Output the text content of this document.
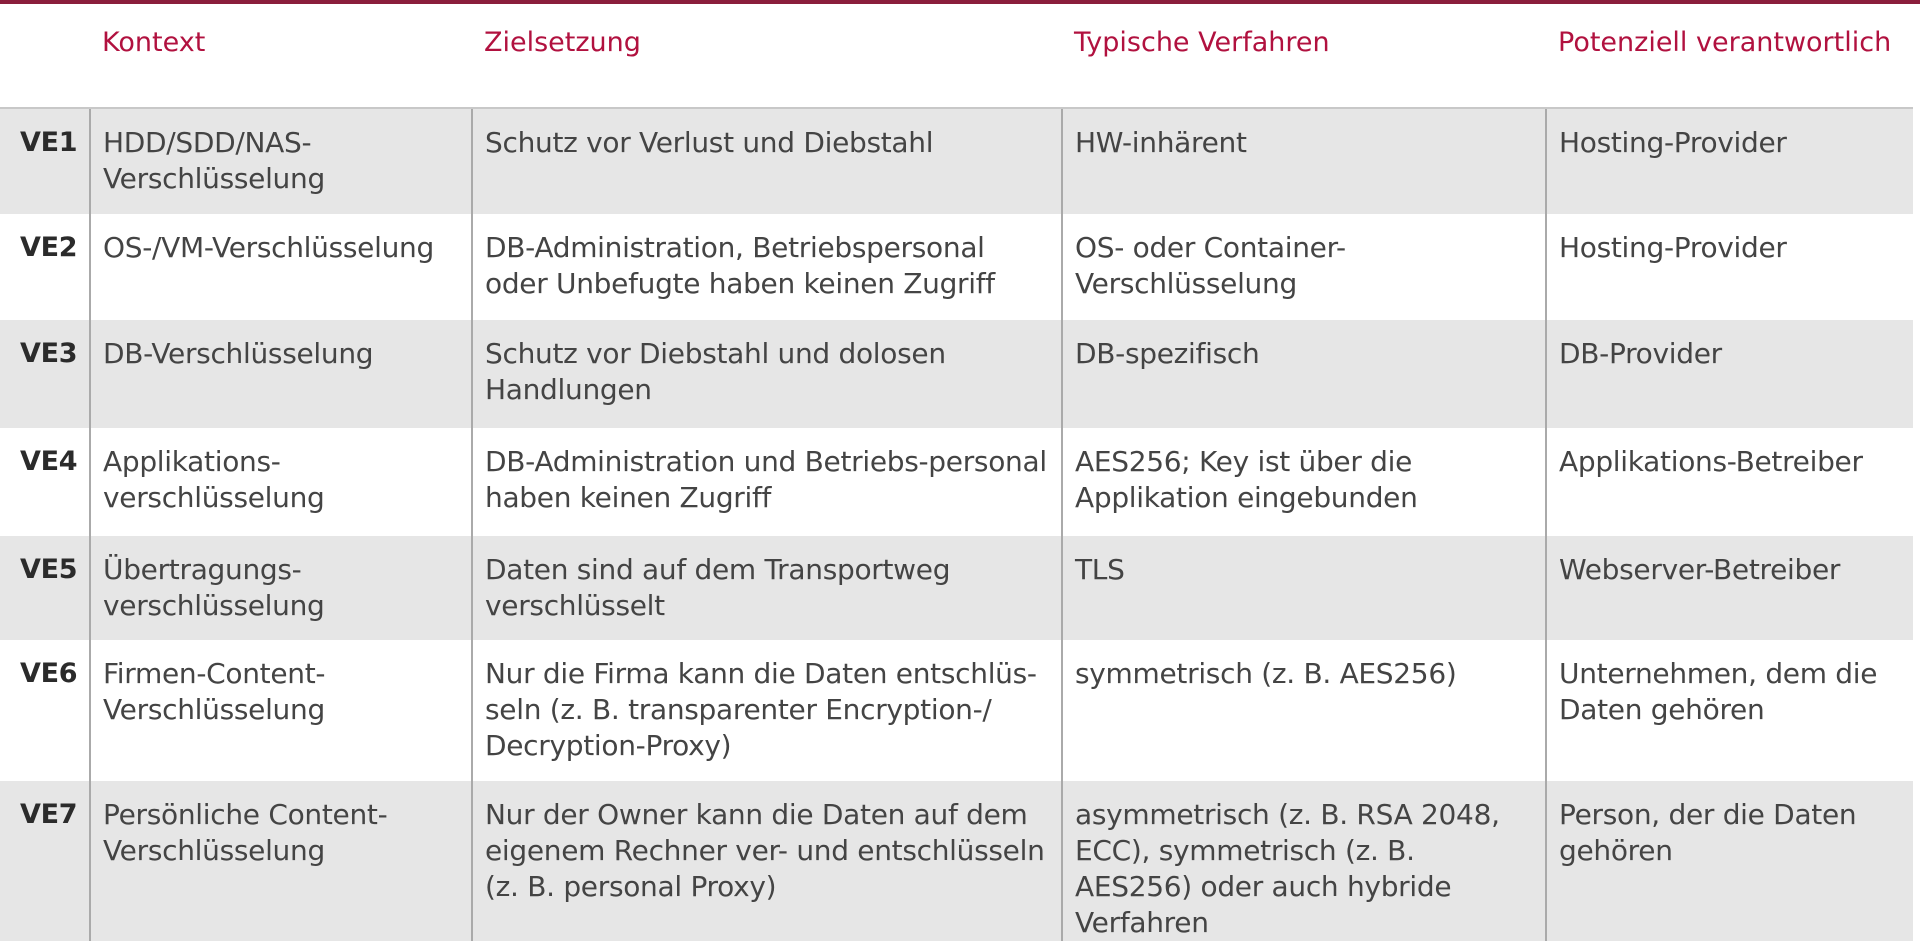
	Kontext	Zielsetzung	Typische Verfahren	Potenziell verantwortlich
VE1	HDD/SDD/NAS-Verschlüsselung	Schutz vor Verlust und Diebstahl	HW-inhärent	Hosting-Provider
VE2	OS-/VM-Verschlüsselung	DB-Administration, Betriebspersonal oder Unbefugte haben keinen Zugriff	OS- oder Container-Verschlüsselung	Hosting-Provider
VE3	DB-Verschlüsselung	Schutz vor Diebstahl und dolosen Handlungen	DB-spezifisch	DB-Provider
VE4	Applikations-verschlüsselung	DB-Administration und Betriebs-personal haben keinen Zugriff	AES256; Key ist über die Applikation eingebunden	Applikations-Betreiber
VE5	Übertragungs-verschlüsselung	Daten sind auf dem Transportweg verschlüsselt	TLS	Webserver-Betreiber
VE6	Firmen-Content-Verschlüsselung	Nur die Firma kann die Daten entschlüs-seln (z. B. transparenter Encryption-/ Decryption-Proxy)	symmetrisch (z. B. AES256)	Unternehmen, dem die Daten gehören
VE7	Persönliche Content-Verschlüsselung	Nur der Owner kann die Daten auf dem eigenem Rechner ver- und entschlüsseln (z. B. personal Proxy)	asymmetrisch (z. B. RSA 2048, ECC), symmetrisch (z. B. AES256) oder auch hybride Verfahren	Person, der die Daten gehören
